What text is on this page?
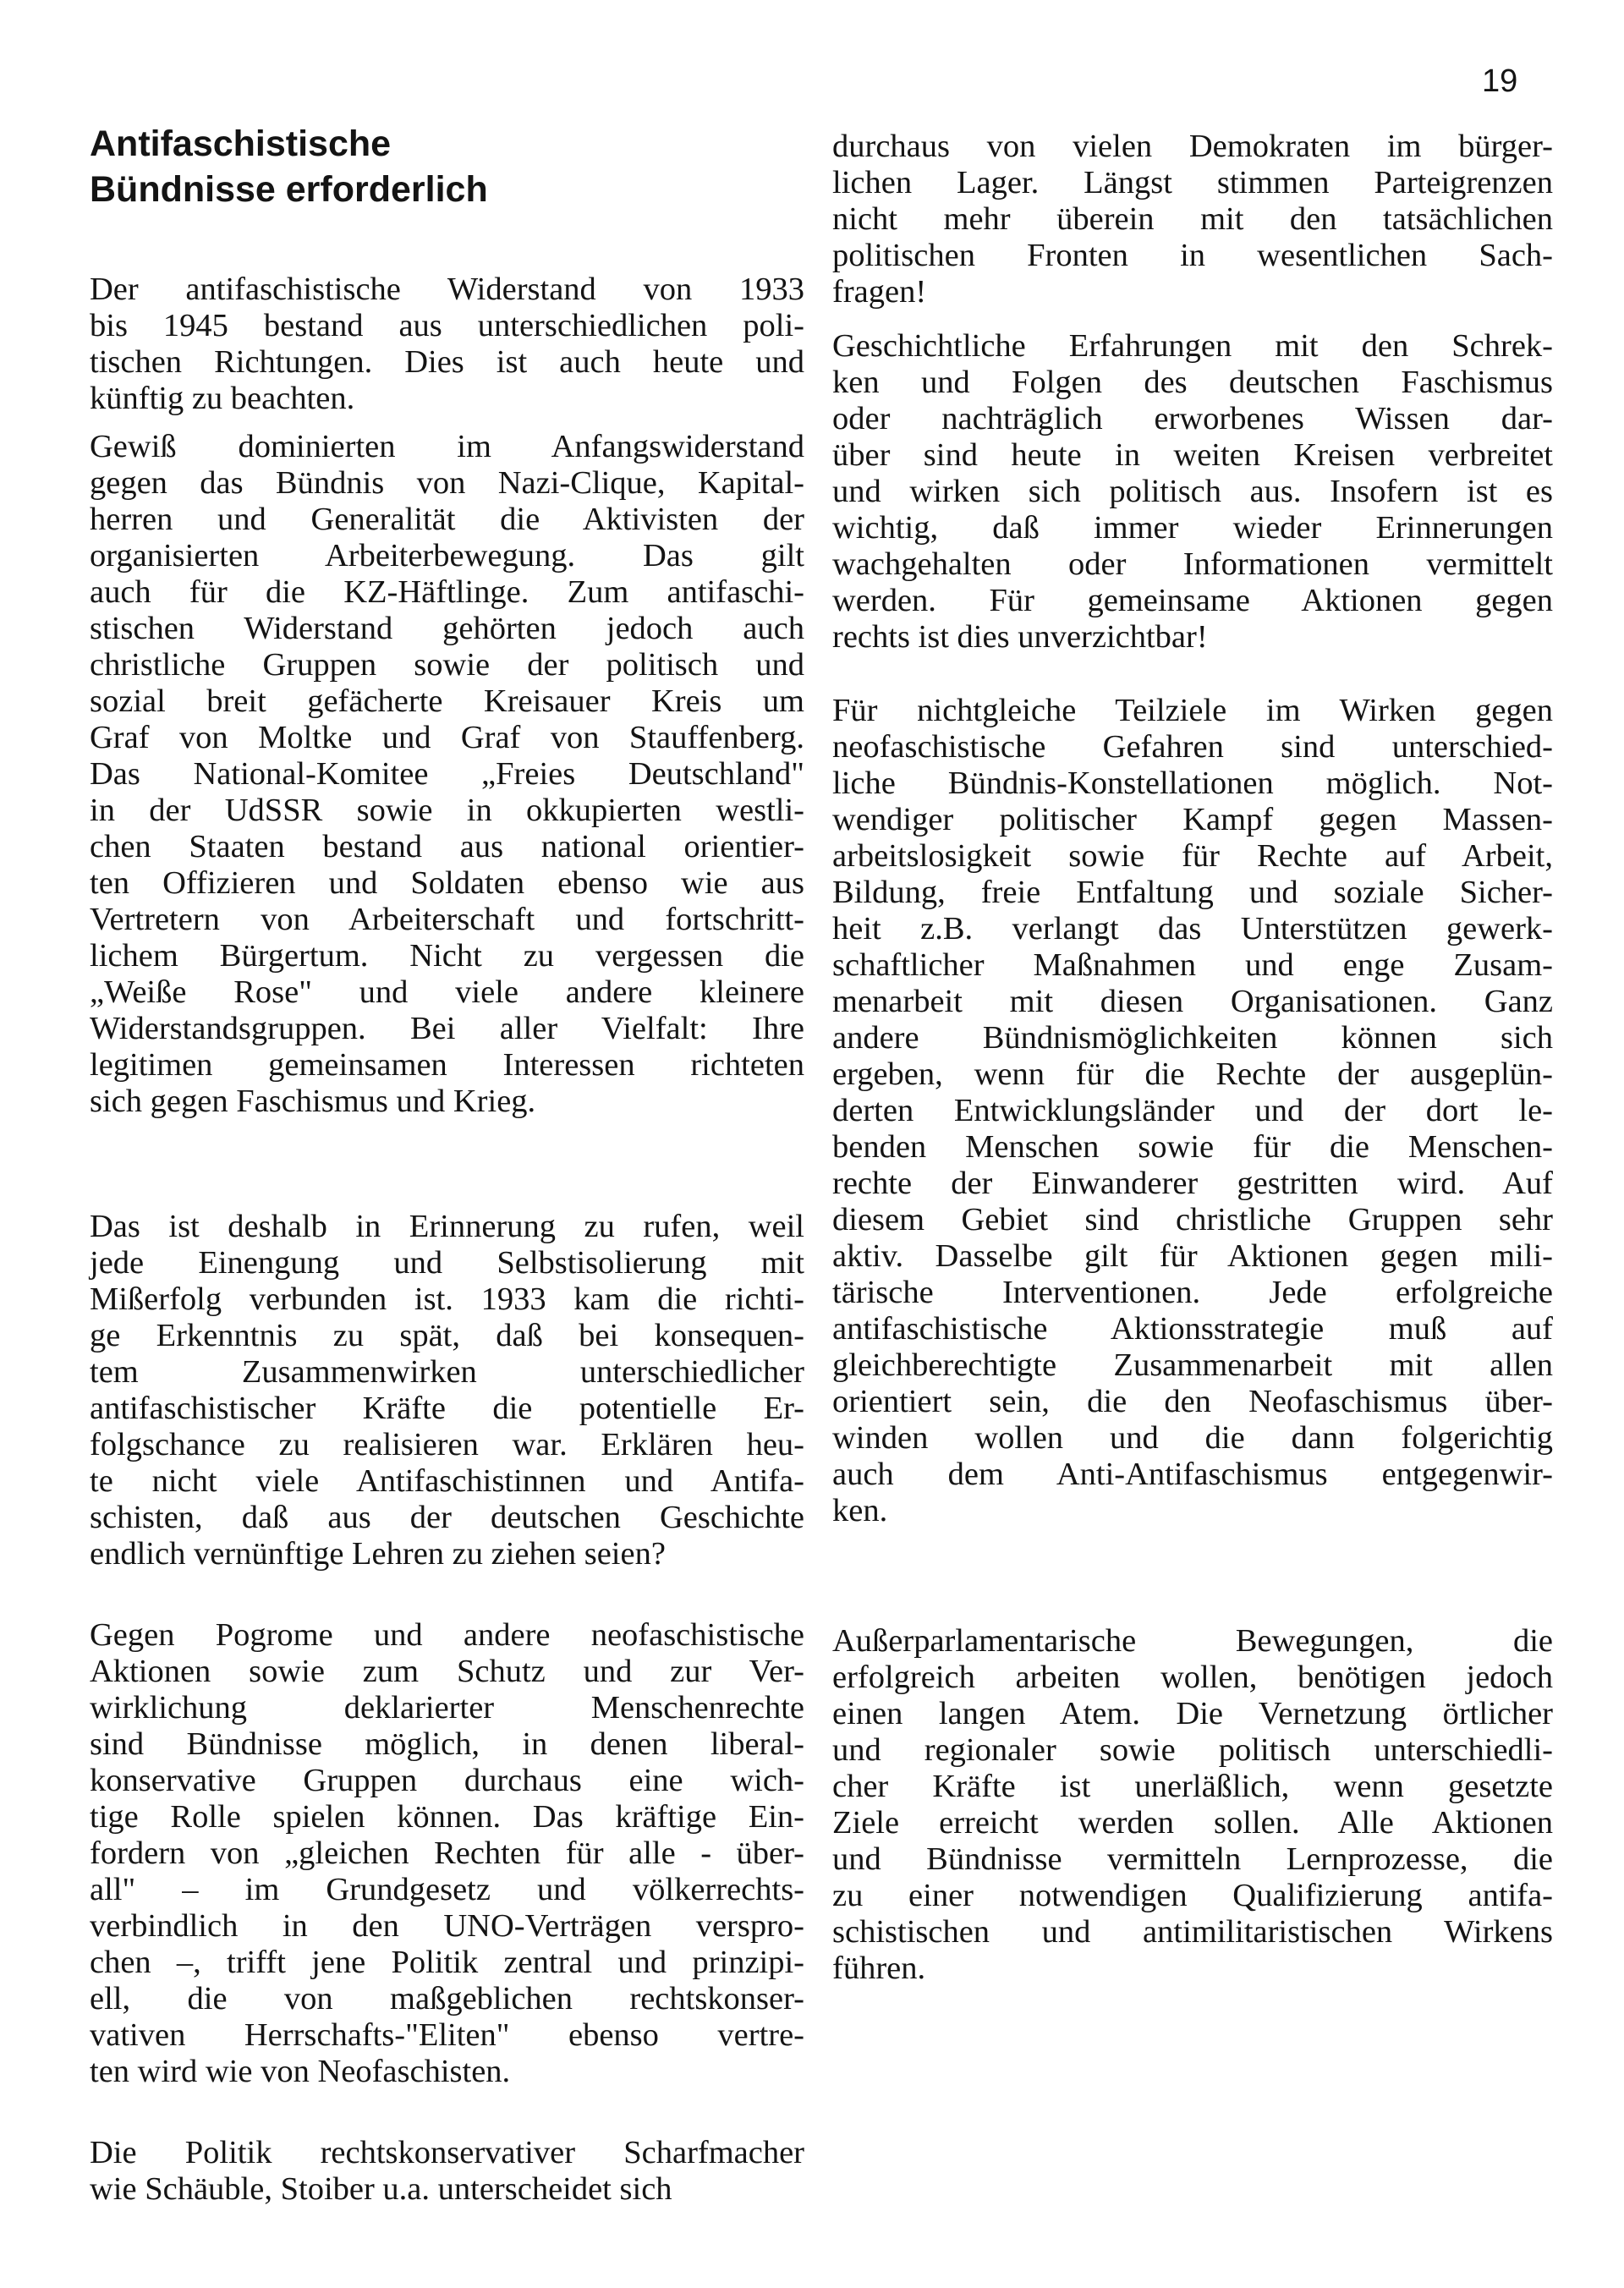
19
Antifaschistische
Bündnisse erforderlich
Der antifaschistische Widerstand von 1933
bis 1945 bestand aus unterschiedlichen poli-
tischen Richtungen. Dies ist auch heute und
künftig zu beachten.
Gewiß dominierten im Anfangswiderstand
gegen das Bündnis von Nazi-Clique, Kapital-
herren und Generalität die Aktivisten der
organisierten Arbeiterbewegung. Das gilt
auch für die KZ-Häftlinge. Zum antifaschi-
stischen Widerstand gehörten jedoch auch
christliche Gruppen sowie der politisch und
sozial breit gefächerte Kreisauer Kreis um
Graf von Moltke und Graf von Stauffenberg.
Das National-Komitee „Freies Deutschland"
in der UdSSR sowie in okkupierten westli-
chen Staaten bestand aus national orientier-
ten Offizieren und Soldaten ebenso wie aus
Vertretern von Arbeiterschaft und fortschritt-
lichem Bürgertum. Nicht zu vergessen die
„Weiße Rose" und viele andere kleinere
Widerstandsgruppen. Bei aller Vielfalt: Ihre
legitimen gemeinsamen Interessen richteten
sich gegen Faschismus und Krieg.
Das ist deshalb in Erinnerung zu rufen, weil
jede Einengung und Selbstisolierung mit
Mißerfolg verbunden ist. 1933 kam die richti-
ge Erkenntnis zu spät, daß bei konsequen-
tem Zusammenwirken unterschiedlicher
antifaschistischer Kräfte die potentielle Er-
folgschance zu realisieren war. Erklären heu-
te nicht viele Antifaschistinnen und Antifa-
schisten, daß aus der deutschen Geschichte
endlich vernünftige Lehren zu ziehen seien?
Gegen Pogrome und andere neofaschistische
Aktionen sowie zum Schutz und zur Ver-
wirklichung deklarierter Menschenrechte
sind Bündnisse möglich, in denen liberal-
konservative Gruppen durchaus eine wich-
tige Rolle spielen können. Das kräftige Ein-
fordern von „gleichen Rechten für alle - über-
all" – im Grundgesetz und völkerrechts-
verbindlich in den UNO-Verträgen verspro-
chen –, trifft jene Politik zentral und prinzipi-
ell, die von maßgeblichen rechtskonser-
vativen Herrschafts-"Eliten" ebenso vertre-
ten wird wie von Neofaschisten.
Die Politik rechtskonservativer Scharfmacher
wie Schäuble, Stoiber u.a. unterscheidet sich
durchaus von vielen Demokraten im bürger-
lichen Lager. Längst stimmen Parteigrenzen
nicht mehr überein mit den tatsächlichen
politischen Fronten in wesentlichen Sach-
fragen!
Geschichtliche Erfahrungen mit den Schrek-
ken und Folgen des deutschen Faschismus
oder nachträglich erworbenes Wissen dar-
über sind heute in weiten Kreisen verbreitet
und wirken sich politisch aus. Insofern ist es
wichtig, daß immer wieder Erinnerungen
wachgehalten oder Informationen vermittelt
werden. Für gemeinsame Aktionen gegen
rechts ist dies unverzichtbar!
Für nichtgleiche Teilziele im Wirken gegen
neofaschistische Gefahren sind unterschied-
liche Bündnis-Konstellationen möglich. Not-
wendiger politischer Kampf gegen Massen-
arbeitslosigkeit sowie für Rechte auf Arbeit,
Bildung, freie Entfaltung und soziale Sicher-
heit z.B. verlangt das Unterstützen gewerk-
schaftlicher Maßnahmen und enge Zusam-
menarbeit mit diesen Organisationen. Ganz
andere Bündnismöglichkeiten können sich
ergeben, wenn für die Rechte der ausgeplün-
derten Entwicklungsländer und der dort le-
benden Menschen sowie für die Menschen-
rechte der Einwanderer gestritten wird. Auf
diesem Gebiet sind christliche Gruppen sehr
aktiv. Dasselbe gilt für Aktionen gegen mili-
tärische Interventionen. Jede erfolgreiche
antifaschistische Aktionsstrategie muß auf
gleichberechtigte Zusammenarbeit mit allen
orientiert sein, die den Neofaschismus über-
winden wollen und die dann folgerichtig
auch dem Anti-Antifaschismus entgegenwir-
ken.
Außerparlamentarische Bewegungen, die
erfolgreich arbeiten wollen, benötigen jedoch
einen langen Atem. Die Vernetzung örtlicher
und regionaler sowie politisch unterschiedli-
cher Kräfte ist unerläßlich, wenn gesetzte
Ziele erreicht werden sollen. Alle Aktionen
und Bündnisse vermitteln Lernprozesse, die
zu einer notwendigen Qualifizierung antifa-
schistischen und antimilitaristischen Wirkens
führen.
